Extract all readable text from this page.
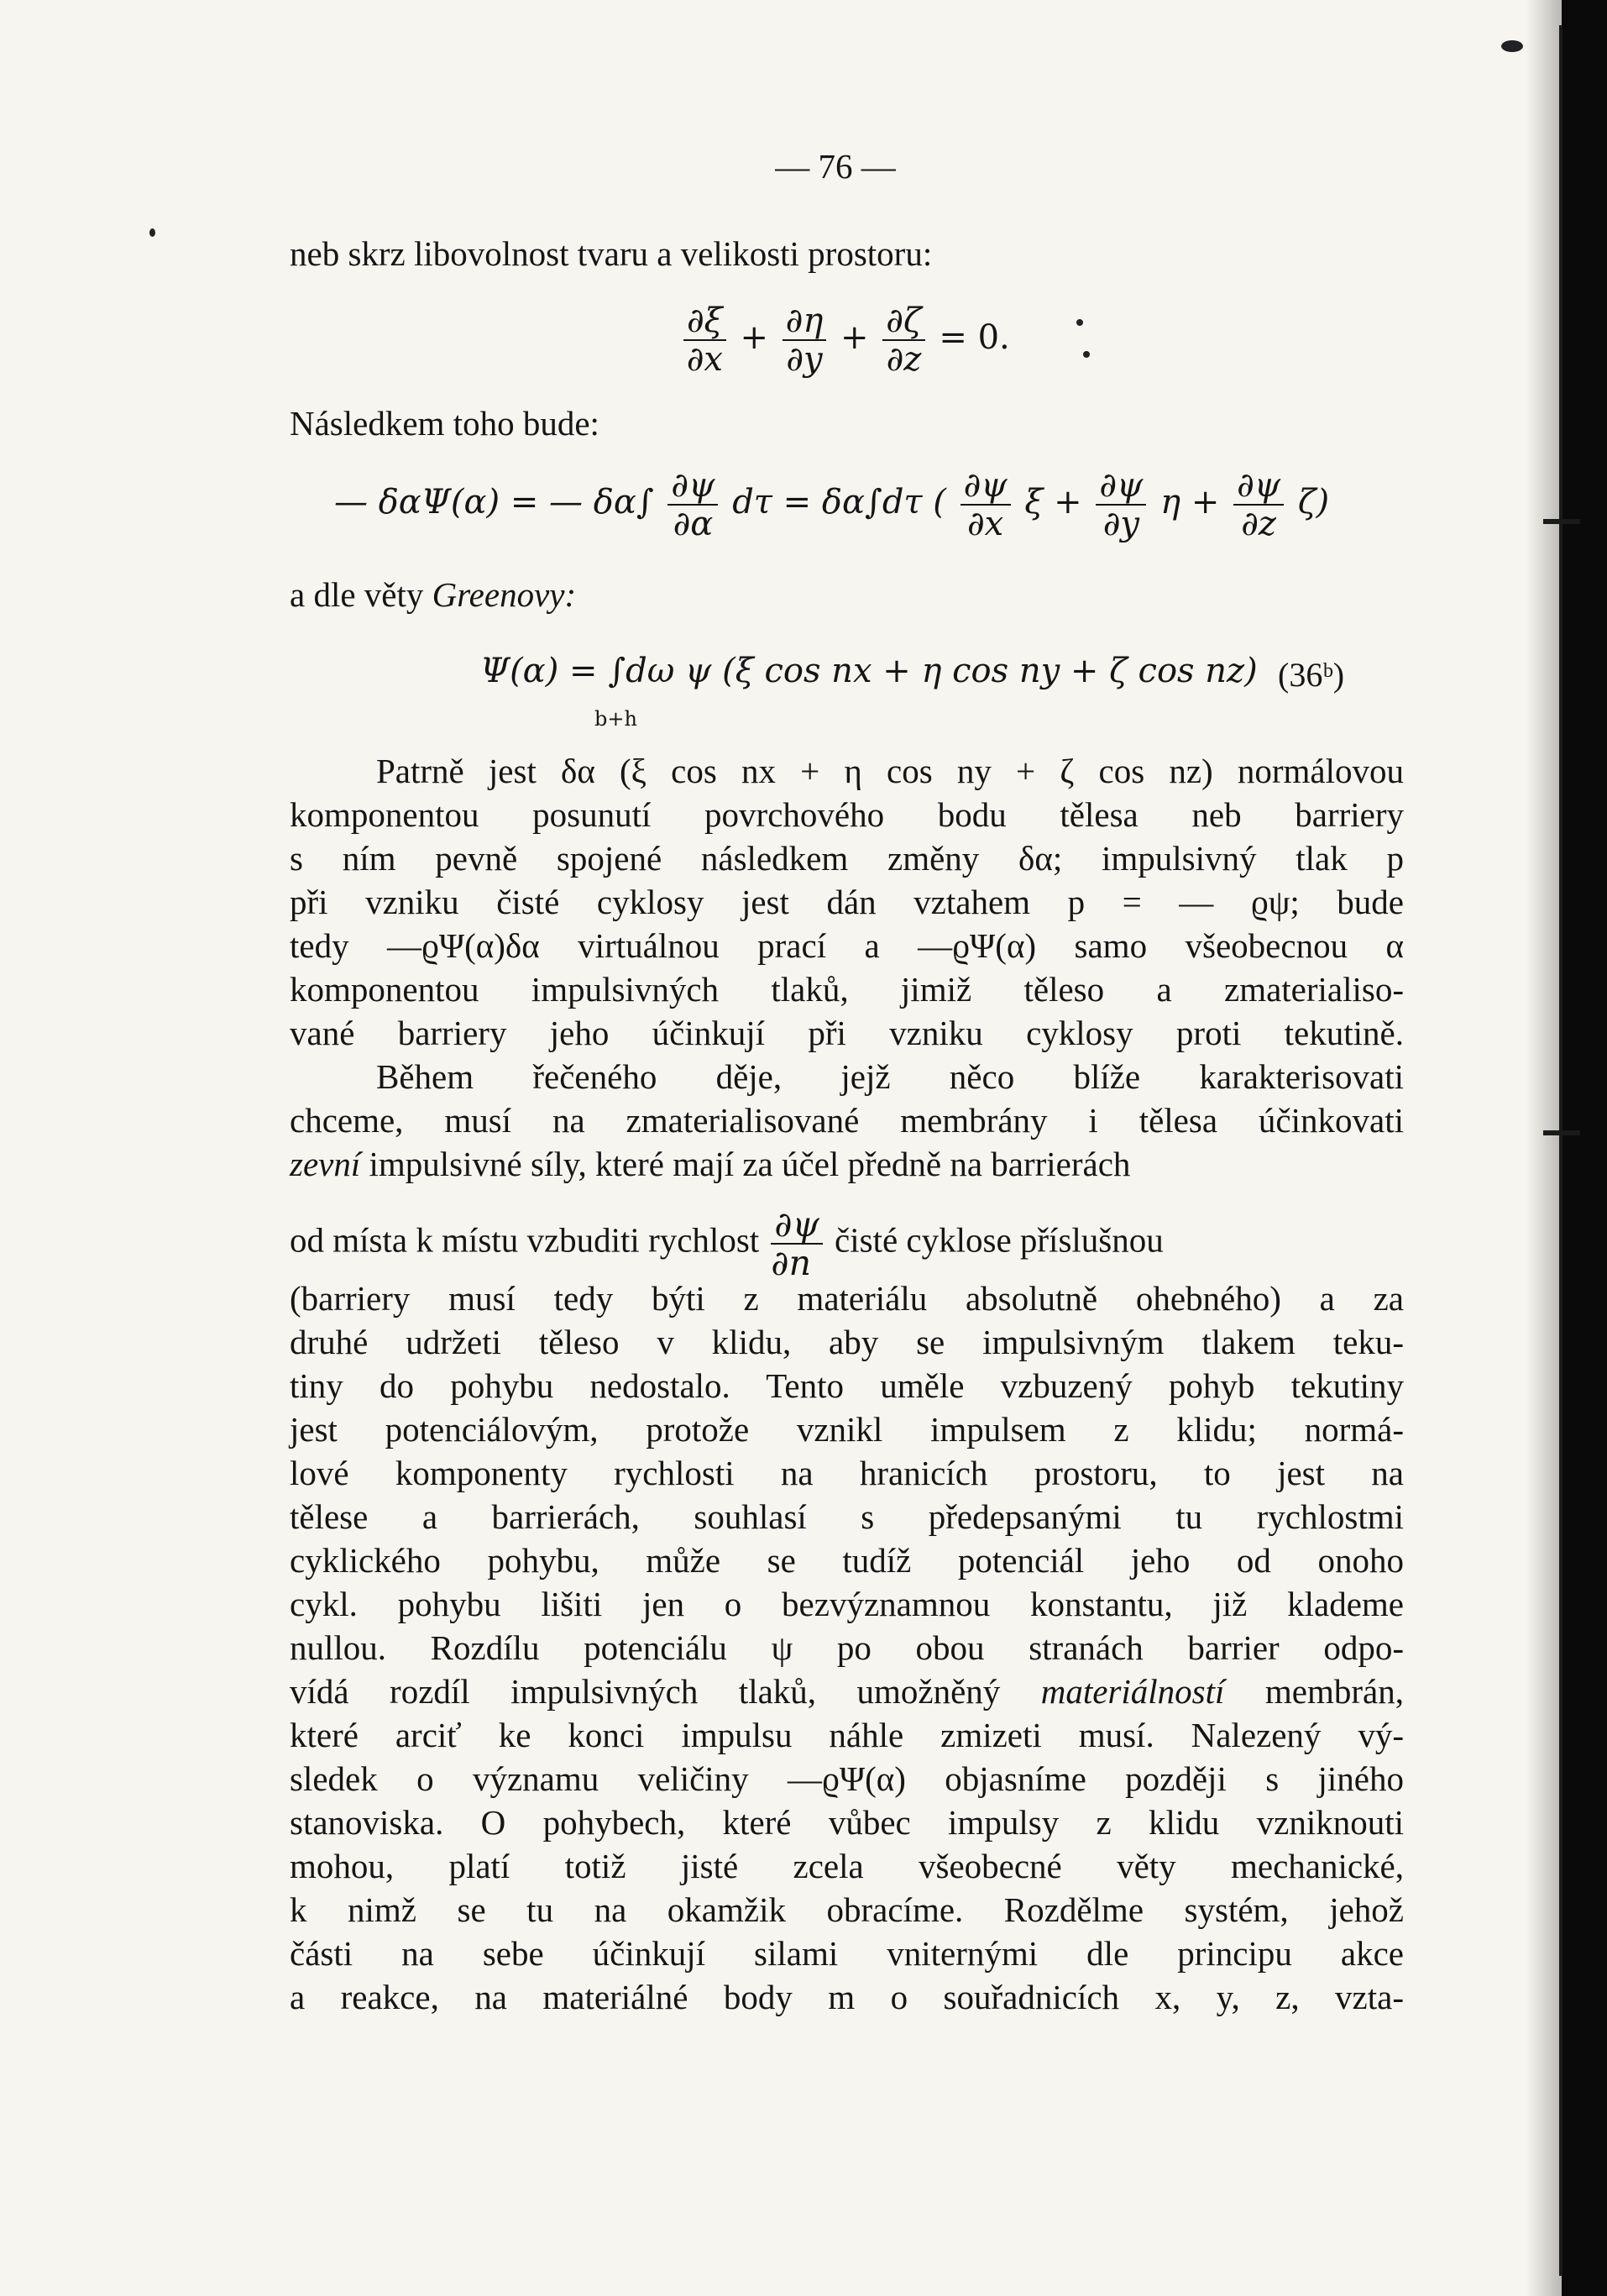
— 76 —
neb skrz libovolnost tvaru a velikosti prostoru:
$\frac{\partial\xi}{\partial x} + \frac{\partial\eta}{\partial y} + \frac{\partial\zeta}{\partial z} = 0$.
Následkem toho bude:
— δαΨ(α) = — $\delta\alpha\int \frac{\partial\psi}{\partial\alpha}$ dτ = δα∫dτ ( $\frac{\partial\psi}{\partial x}$ $\xi + \frac{\partial\psi}{\partial y}$ $\eta + \frac{\partial\psi}{\partial z} \zeta$)
a dle věty Greenovy:
Ψ(α) = ∫dω ψ (ξ cos nx + η cos ny + ζ cos nz)
b+h
(36ᵇ)
Patrně jest δα (ξ cos nx + η cos ny + ζ cos nz) normálovou
komponentou posunutí povrchového bodu tělesa neb barriery
s ním pevně spojené následkem změny δα; impulsivný tlak p
při vzniku čisté cyklosy jest dán vztahem p = — ϱψ; bude
tedy —ϱΨ(α)δα virtuálnou prací a —ϱΨ(α) samo všeobecnou α
komponentou impulsivných tlaků, jimiž těleso a zmaterialiso-
vané barriery jeho účinkují při vzniku cyklosy proti tekutině.
Během řečeného děje, jejž něco blíže karakterisovati
chceme, musí na zmaterialisované membrány i tělesa účinkovati
zevní impulsivné síly, které mají za účel předně na barrierách
od místa k místu vzbuditi rychlost $\frac{\partial\psi}{\partial n}$ čisté cyklose příslušnou
(barriery musí tedy býti z materiálu absolutně ohebného) a za
druhé udržeti těleso v klidu, aby se impulsivným tlakem teku-
tiny do pohybu nedostalo. Tento uměle vzbuzený pohyb tekutiny
jest potenciálovým, protože vznikl impulsem z klidu; normá-
lové komponenty rychlosti na hranicích prostoru, to jest na
tělese a barrierách, souhlasí s předepsanými tu rychlostmi
cyklického pohybu, může se tudíž potenciál jeho od onoho
cykl. pohybu lišiti jen o bezvýznamnou konstantu, již klademe
nullou. Rozdílu potenciálu ψ po obou stranách barrier odpo-
vídá rozdíl impulsivných tlaků, umožněný materiálností membrán,
které arciť ke konci impulsu náhle zmizeti musí. Nalezený vý-
sledek o významu veličiny —ϱΨ(α) objasníme později s jiného
stanoviska. O pohybech, které vůbec impulsy z klidu vzniknouti
mohou, platí totiž jisté zcela všeobecné věty mechanické,
k nimž se tu na okamžik obracíme. Rozdělme systém, jehož
části na sebe účinkují silami vniternými dle principu akce
a reakce, na materiálné body m o souřadnicích x, y, z, vzta-
